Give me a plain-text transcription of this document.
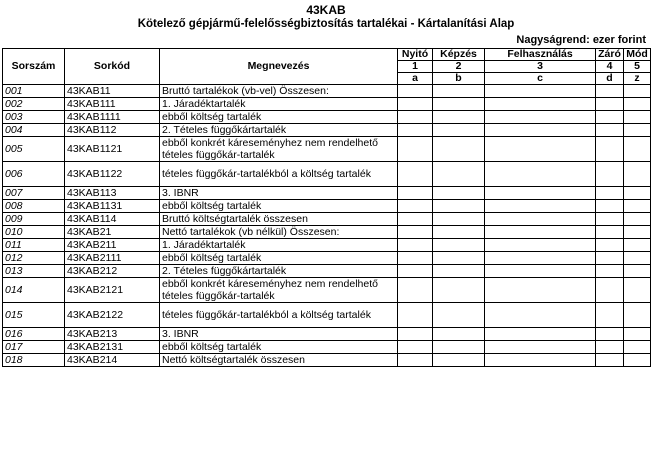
43KAB
Kötelező gépjármű-felelősségbiztosítás tartalékai - Kártalanítási Alap
Nagyságrend: ezer forint
Sorszám	Sorkód	Megnevezés	Nyitó	Képzés	Felhasználás	Záró	Mód
			1	2	3	4	5
			a	b	c	d	z
001	43KAB11	Bruttó tartalékok (vb-vel) Összesen:					
002	43KAB111	1. Járadéktartalék					
003	43KAB1111	ebből költség tartalék					
004	43KAB112	2. Tételes függőkártartalék					
005	43KAB1121	ebből konkrét káreseményhez nem rendelhető tételes függőkár-tartalék					
006	43KAB1122	tételes függőkár-tartalékból a költség tartalék					
007	43KAB113	3. IBNR					
008	43KAB1131	ebből költség tartalék					
009	43KAB114	Bruttó költségtartalék összesen					
010	43KAB21	Nettó tartalékok (vb nélkül) Összesen:					
011	43KAB211	1. Járadéktartalék					
012	43KAB2111	ebből költség tartalék					
013	43KAB212	2. Tételes függőkártartalék					
014	43KAB2121	ebből konkrét káreseményhez nem rendelhető tételes függőkár-tartalék					
015	43KAB2122	tételes függőkár-tartalékból a költség tartalék					
016	43KAB213	3. IBNR					
017	43KAB2131	ebből költség tartalék					
018	43KAB214	Nettó költségtartalék összesen					
